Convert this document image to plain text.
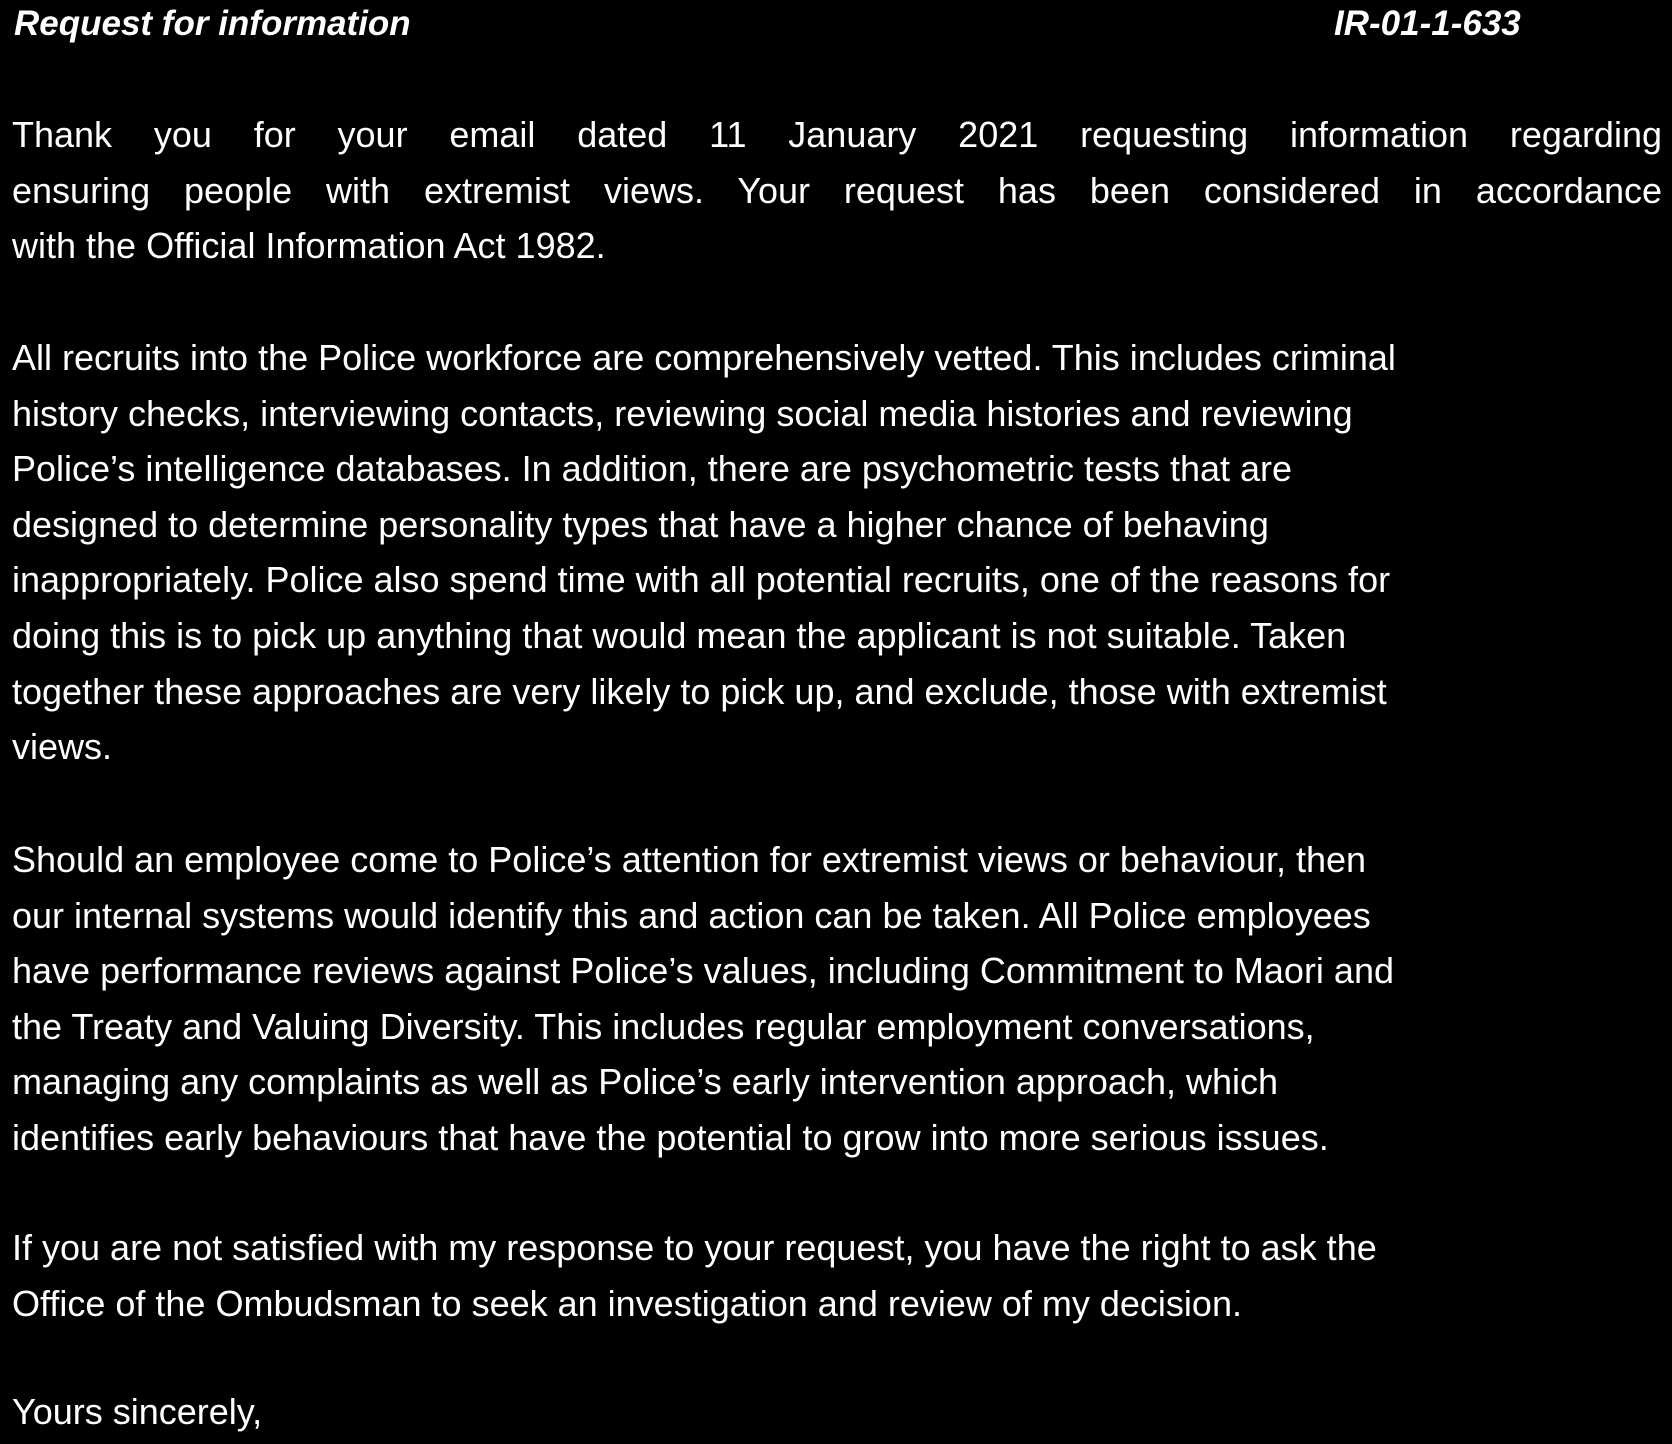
Request for information	IR-01-1-633

Thank you for your email dated 11 January 2021 requesting information regarding
ensuring people with extremist views. Your request has been considered in accordance
with the Official Information Act 1982.

All recruits into the Police workforce are comprehensively vetted. This includes criminal
history checks, interviewing contacts, reviewing social media histories and reviewing
Police’s intelligence databases. In addition, there are psychometric tests that are
designed to determine personality types that have a higher chance of behaving
inappropriately. Police also spend time with all potential recruits, one of the reasons for
doing this is to pick up anything that would mean the applicant is not suitable. Taken
together these approaches are very likely to pick up, and exclude, those with extremist
views.

Should an employee come to Police’s attention for extremist views or behaviour, then
our internal systems would identify this and action can be taken. All Police employees
have performance reviews against Police’s values, including Commitment to Maori and
the Treaty and Valuing Diversity. This includes regular employment conversations,
managing any complaints as well as Police’s early intervention approach, which
identifies early behaviours that have the potential to grow into more serious issues.

If you are not satisfied with my response to your request, you have the right to ask the
Office of the Ombudsman to seek an investigation and review of my decision.

Yours sincerely,
